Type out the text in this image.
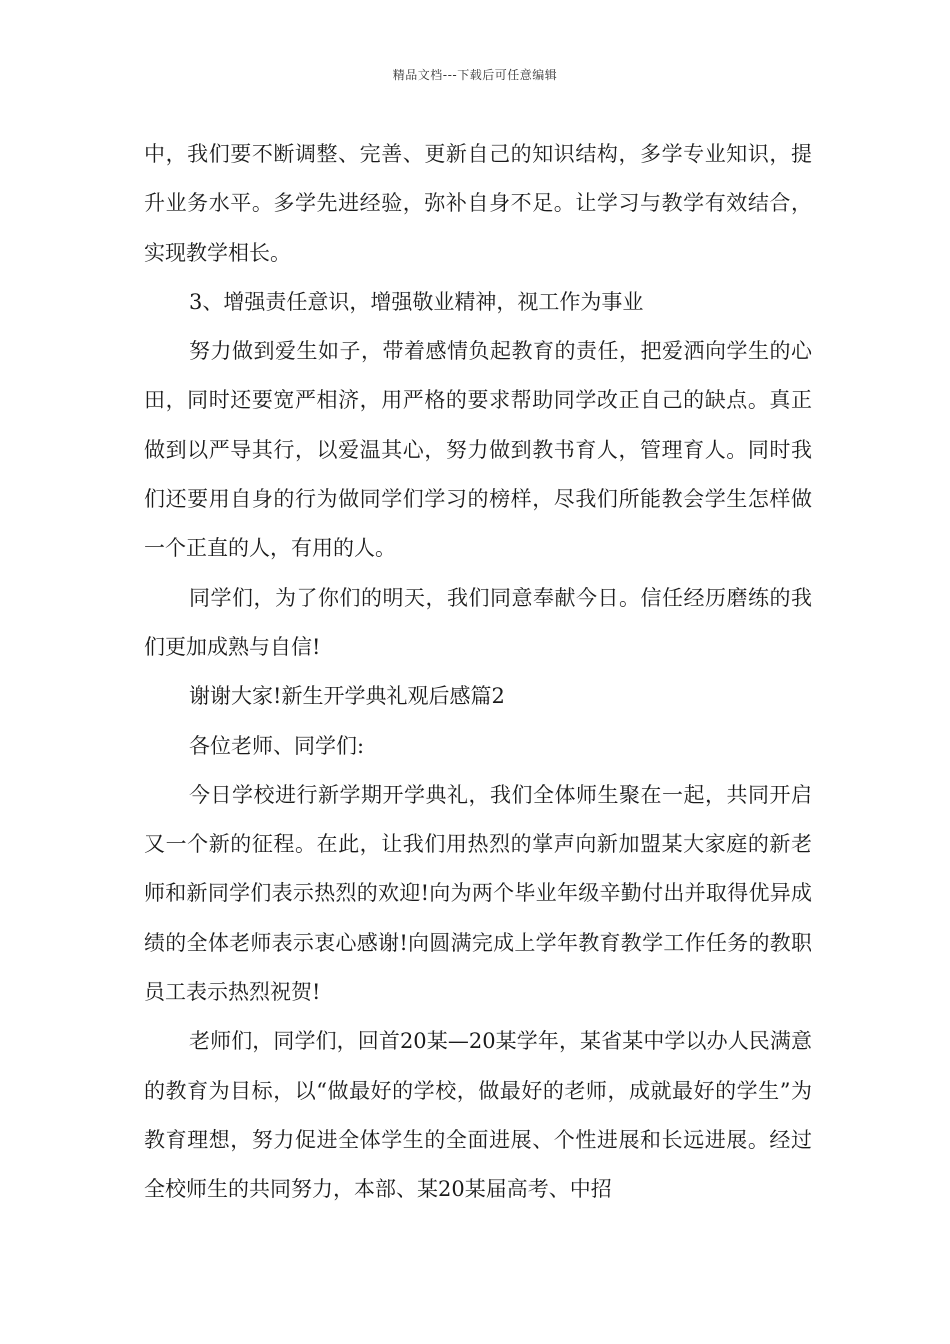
精品文档---下载后可任意编辑

中，我们要不断调整、完善、更新自己的知识结构，多学专业知识，提升业务水平。多学先进经验，弥补自身不足。让学习与教学有效结合，实现教学相长。

3、增强责任意识，增强敬业精神，视工作为事业

努力做到爱生如子，带着感情负起教育的责任，把爱洒向学生的心田，同时还要宽严相济，用严格的要求帮助同学改正自己的缺点。真正做到以严导其行，以爱温其心，努力做到教书育人，管理育人。同时我们还要用自身的行为做同学们学习的榜样，尽我们所能教会学生怎样做一个正直的人，有用的人。

同学们，为了你们的明天，我们同意奉献今日。信任经历磨练的我们更加成熟与自信!

谢谢大家!新生开学典礼观后感篇2

各位老师、同学们:

今日学校进行新学期开学典礼，我们全体师生聚在一起，共同开启又一个新的征程。在此，让我们用热烈的掌声向新加盟某大家庭的新老师和新同学们表示热烈的欢迎!向为两个毕业年级辛勤付出并取得优异成绩的全体老师表示衷心感谢!向圆满完成上学年教育教学工作任务的教职员工表示热烈祝贺!

老师们，同学们，回首20某—20某学年，某省某中学以办人民满意的教育为目标，以“做最好的学校，做最好的老师，成就最好的学生”为教育理想，努力促进全体学生的全面进展、个性进展和长远进展。经过全校师生的共同努力，本部、某20某届高考、中招
